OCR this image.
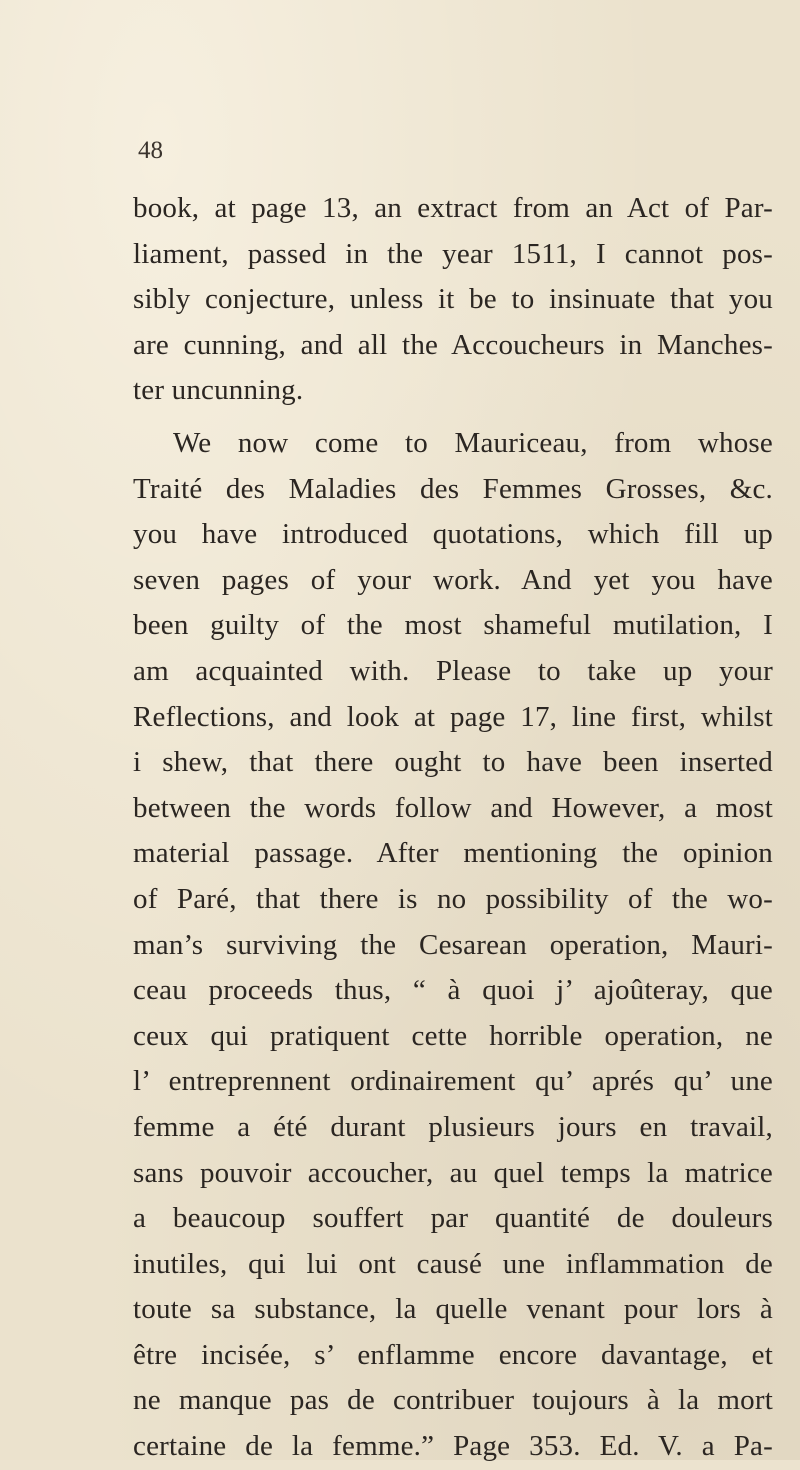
48
book, at page 13, an extract from an Act of Par-
liament, passed in the year 1511, I cannot pos-
sibly conjecture, unless it be to insinuate that you
are cunning, and all the Accoucheurs in Manches-
ter uncunning.
We now come to Mauriceau, from whose
Traité des Maladies des Femmes Grosses, &c.
you have introduced quotations, which fill up
seven pages of your work. And yet you have
been guilty of the most shameful mutilation, I
am acquainted with. Please to take up your
Reflections, and look at page 17, line first, whilst
i shew, that there ought to have been inserted
between the words follow and However, a most
material passage. After mentioning the opinion
of Paré, that there is no possibility of the wo-
man’s surviving the Cesarean operation, Mauri-
ceau proceeds thus, “ à quoi j’ ajoûteray, que
ceux qui pratiquent cette horrible operation, ne
l’ entreprennent ordinairement qu’ aprés qu’ une
femme a été durant plusieurs jours en travail,
sans pouvoir accoucher, au quel temps la matrice
a beaucoup souffert par quantité de douleurs
inutiles, qui lui ont causé une inflammation de
toute sa substance, la quelle venant pour lors à
être incisée, s’ enflamme encore davantage, et
ne manque pas de contribuer toujours à la mort
certaine de la femme.” Page 353. Ed. V. a Pa-
